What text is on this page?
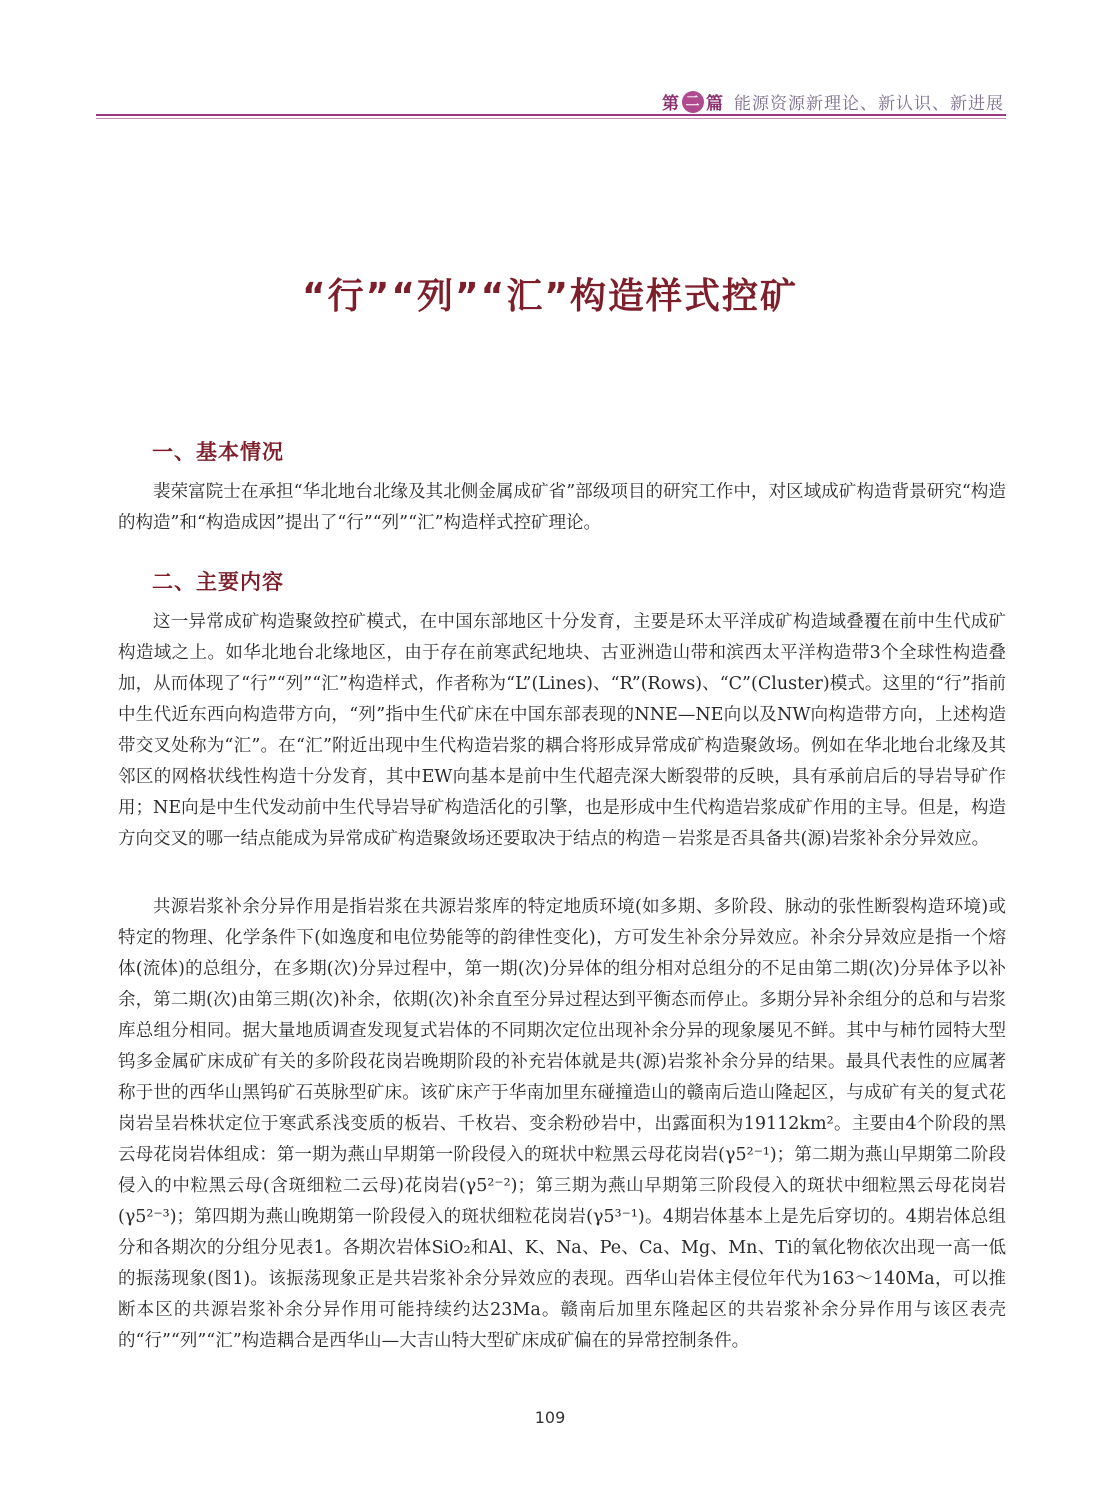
第 二 篇 能源资源新理论、新认识、新进展
“行”“列”“汇”构造样式控矿
一、基本情况

裴荣富院士在承担“华北地台北缘及其北侧金属成矿省”部级项目的研究工作中，对区域成矿构造背景研究“构造的构造”和“构造成因”提出了“行”“列”“汇”构造样式控矿理论。

二、主要内容

这一异常成矿构造聚敛控矿模式，在中国东部地区十分发育，主要是环太平洋成矿构造域叠覆在前中生代成矿构造域之上。如华北地台北缘地区，由于存在前寒武纪地块、古亚洲造山带和滨西太平洋构造带3个全球性构造叠加，从而体现了“行”“列”“汇”构造样式，作者称为“L”(Lines)、“R”(Rows)、“C”(Cluster)模式。这里的“行”指前中生代近东西向构造带方向，“列”指中生代矿床在中国东部表现的NNE—NE向以及NW向构造带方向，上述构造带交叉处称为“汇”。在“汇”附近出现中生代构造岩浆的耦合将形成异常成矿构造聚敛场。例如在华北地台北缘及其邻区的网格状线性构造十分发育，其中EW向基本是前中生代超壳深大断裂带的反映，具有承前启后的导岩导矿作用；NE向是中生代发动前中生代导岩导矿构造活化的引擎，也是形成中生代构造岩浆成矿作用的主导。但是，构造方向交叉的哪一结点能成为异常成矿构造聚敛场还要取决于结点的构造－岩浆是否具备共(源)岩浆补余分异效应。

共源岩浆补余分异作用是指岩浆在共源岩浆库的特定地质环境(如多期、多阶段、脉动的张性断裂构造环境)或特定的物理、化学条件下(如逸度和电位势能等的韵律性变化)，方可发生补余分异效应。补余分异效应是指一个熔体(流体)的总组分，在多期(次)分异过程中，第一期(次)分异体的组分相对总组分的不足由第二期(次)分异体予以补余，第二期(次)由第三期(次)补余，依期(次)补余直至分异过程达到平衡态而停止。多期分异补余组分的总和与岩浆库总组分相同。据大量地质调查发现复式岩体的不同期次定位出现补余分异的现象屡见不鲜。其中与柿竹园特大型钨多金属矿床成矿有关的多阶段花岗岩晚期阶段的补充岩体就是共(源)岩浆补余分异的结果。最具代表性的应属著称于世的西华山黑钨矿石英脉型矿床。该矿床产于华南加里东碰撞造山的赣南后造山隆起区，与成矿有关的复式花岗岩呈岩株状定位于寒武系浅变质的板岩、千枚岩、变余粉砂岩中，出露面积为19112km²。主要由4个阶段的黑云母花岗岩体组成：第一期为燕山早期第一阶段侵入的斑状中粒黑云母花岗岩(γ5²⁻¹)；第二期为燕山早期第二阶段侵入的中粒黑云母(含斑细粒二云母)花岗岩(γ5²⁻²)；第三期为燕山早期第三阶段侵入的斑状中细粒黑云母花岗岩(γ5²⁻³)；第四期为燕山晚期第一阶段侵入的斑状细粒花岗岩(γ5³⁻¹)。4期岩体基本上是先后穿切的。4期岩体总组分和各期次的分组分见表1。各期次岩体SiO₂和Al、K、Na、Pe、Ca、Mg、Mn、Ti的氧化物依次出现一高一低的振荡现象(图1)。该振荡现象正是共岩浆补余分异效应的表现。西华山岩体主侵位年代为163～140Ma，可以推断本区的共源岩浆补余分异作用可能持续约达23Ma。赣南后加里东隆起区的共岩浆补余分异作用与该区表壳的“行”“列”“汇”构造耦合是西华山—大吉山特大型矿床成矿偏在的异常控制条件。

109
